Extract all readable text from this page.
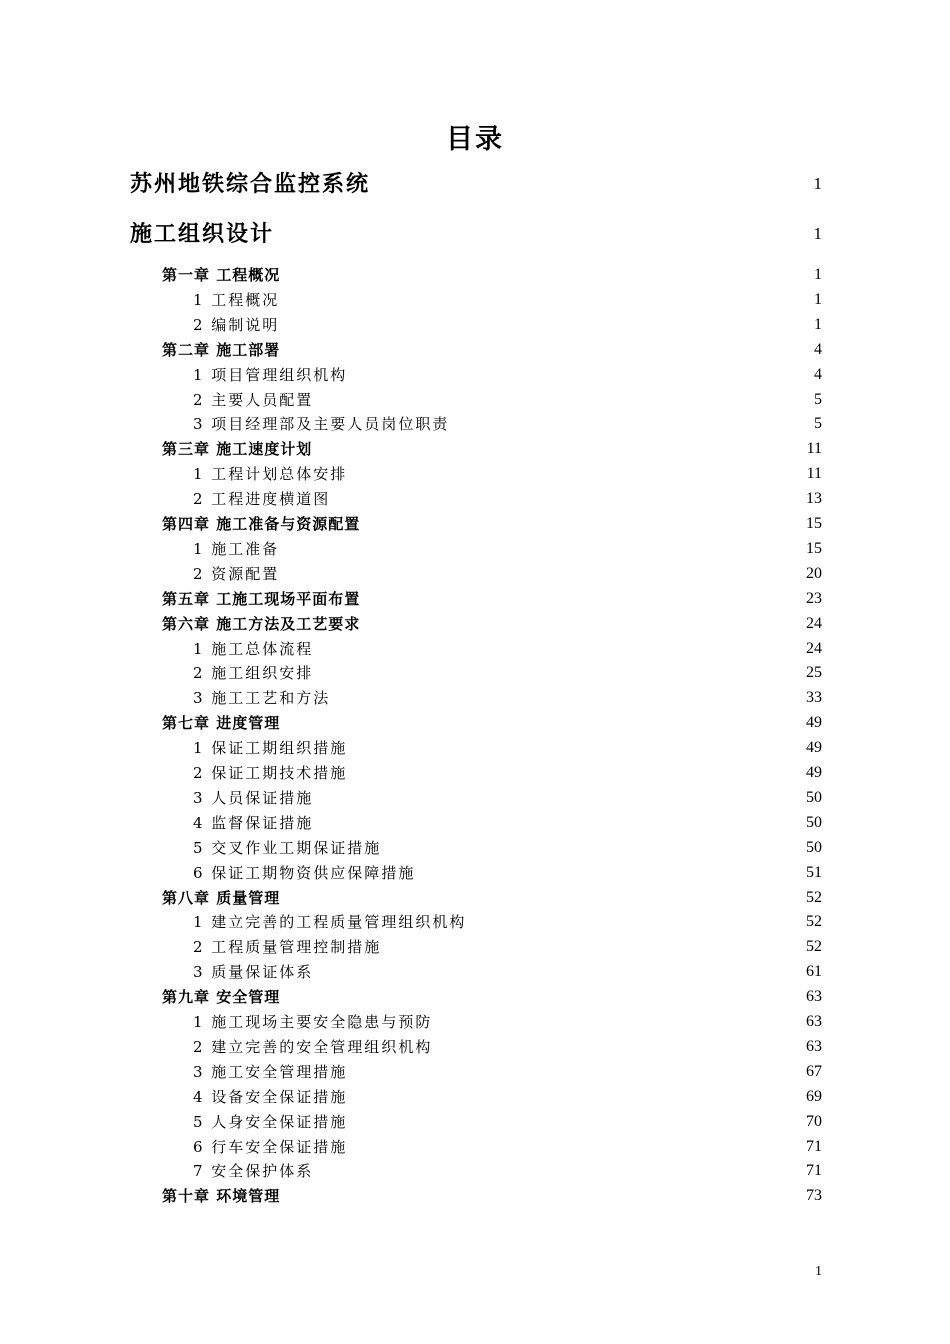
目录
苏州地铁综合监控系统	1
施工组织设计	1
第一章 工程概况	1
1 工程概况	1
2 编制说明	1
第二章 施工部署	4
1 项目管理组织机构	4
2 主要人员配置	5
3 项目经理部及主要人员岗位职责	5
第三章 施工速度计划	11
1 工程计划总体安排	11
2 工程进度横道图	13
第四章 施工准备与资源配置	15
1 施工准备	15
2 资源配置	20
第五章 工施工现场平面布置	23
第六章 施工方法及工艺要求	24
1 施工总体流程	24
2 施工组织安排	25
3 施工工艺和方法	33
第七章 进度管理	49
1 保证工期组织措施	49
2 保证工期技术措施	49
3 人员保证措施	50
4 监督保证措施	50
5 交叉作业工期保证措施	50
6 保证工期物资供应保障措施	51
第八章 质量管理	52
1 建立完善的工程质量管理组织机构	52
2 工程质量管理控制措施	52
3 质量保证体系	61
第九章 安全管理	63
1 施工现场主要安全隐患与预防	63
2 建立完善的安全管理组织机构	63
3 施工安全管理措施	67
4 设备安全保证措施	69
5 人身安全保证措施	70
6 行车安全保证措施	71
7 安全保护体系	71
第十章 环境管理	73
1
